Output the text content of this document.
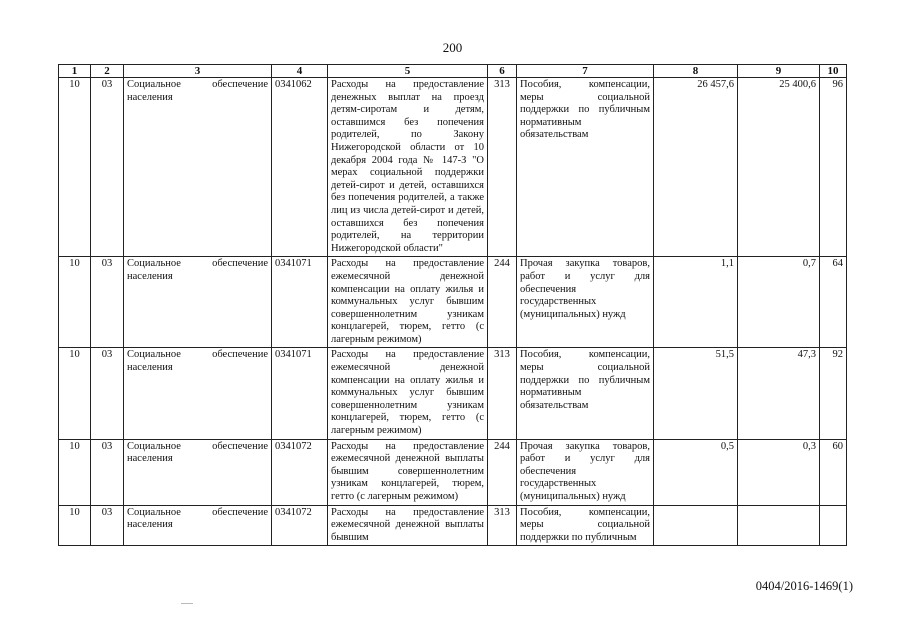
200
1	2	3	4	5	6	7	8	9	10
10	03	Социальное обеспечение населения	0341062	Расходы на предоставление денежных выплат на проезд детям-сиротам и детям, оставшимся без попечения родителей, по Закону Нижегородской области от 10 декабря 2004 года № 147-З "О мерах социальной поддержки детей-сирот и детей, оставшихся без попечения родителей, а также лиц из числа детей-сирот и детей, оставшихся без попечения родителей, на территории Нижегородской области"	313	Пособия, компенсации, меры социальной поддержки по публичным нормативным обязательствам	26 457,6	25 400,6	96
10	03	Социальное обеспечение населения	0341071	Расходы на предоставление ежемесячной денежной компенсации на оплату жилья и коммунальных услуг бывшим совершеннолетним узникам концлагерей, тюрем, гетто (с лагерным режимом)	244	Прочая закупка товаров, работ и услуг для обеспечения государственных (муниципальных) нужд	1,1	0,7	64
10	03	Социальное обеспечение населения	0341071	Расходы на предоставление ежемесячной денежной компенсации на оплату жилья и коммунальных услуг бывшим совершеннолетним узникам концлагерей, тюрем, гетто (с лагерным режимом)	313	Пособия, компенсации, меры социальной поддержки по публичным нормативным обязательствам	51,5	47,3	92
10	03	Социальное обеспечение населения	0341072	Расходы на предоставление ежемесячной денежной выплаты бывшим совершеннолетним узникам концлагерей, тюрем, гетто (с лагерным режимом)	244	Прочая закупка товаров, работ и услуг для обеспечения государственных (муниципальных) нужд	0,5	0,3	60
10	03	Социальное обеспечение населения	0341072	Расходы на предоставление ежемесячной денежной выплаты бывшим	313	Пособия, компенсации, меры социальной поддержки по публичным			
0404/2016-1469(1)
